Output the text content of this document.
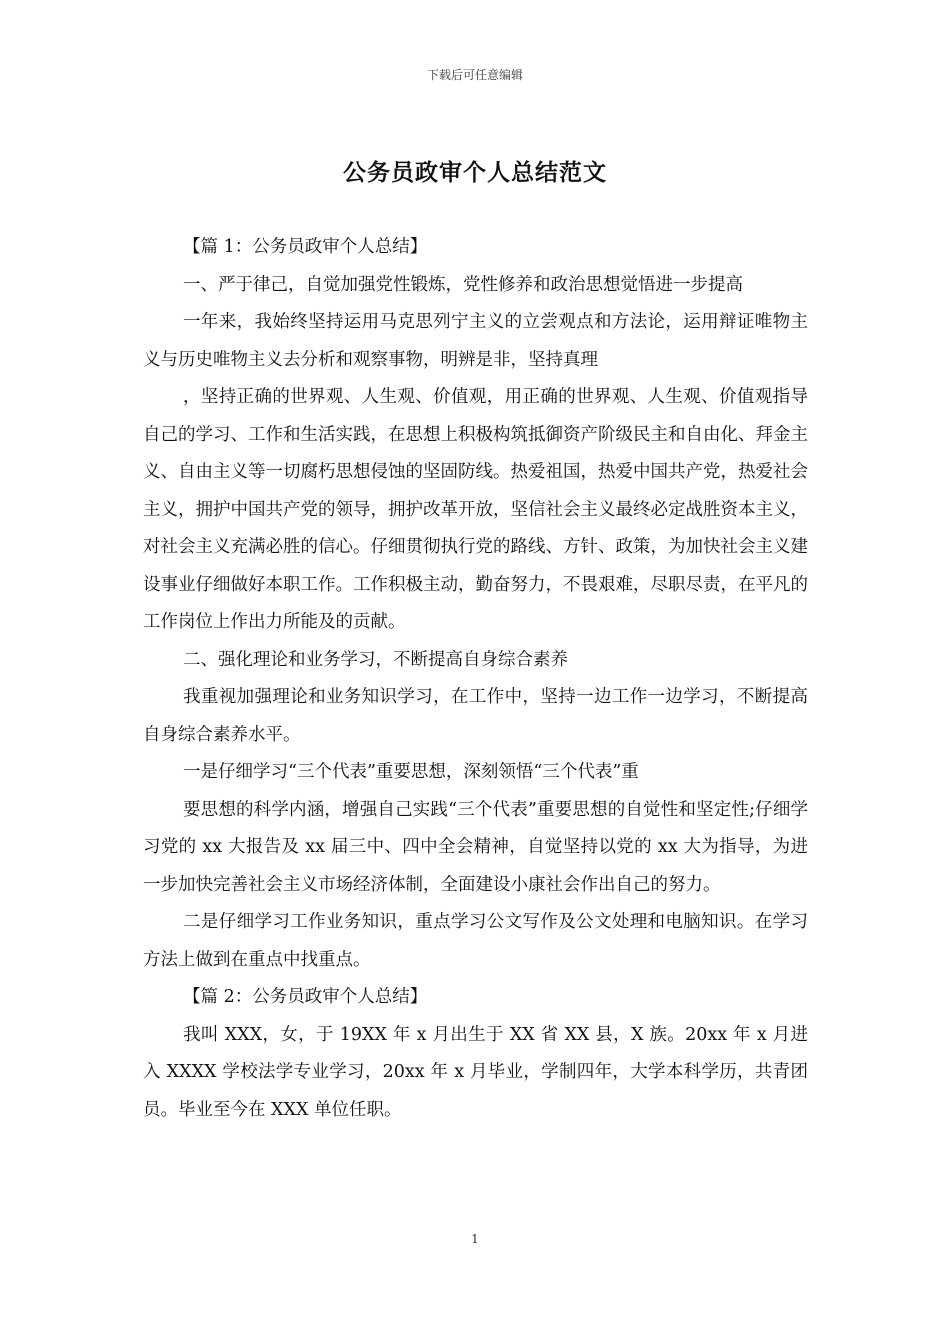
下载后可任意编辑
公务员政审个人总结范文

【篇 1：公务员政审个人总结】

一、严于律己，自觉加强党性锻炼，党性修养和政治思想觉悟进一步提高

一年来，我始终坚持运用马克思列宁主义的立尝观点和方法论，运用辩证唯物主义与历史唯物主义去分析和观察事物，明辨是非，坚持真理

，坚持正确的世界观、人生观、价值观，用正确的世界观、人生观、价值观指导自己的学习、工作和生活实践，在思想上积极构筑抵御资产阶级民主和自由化、拜金主义、自由主义等一切腐朽思想侵蚀的坚固防线。热爱祖国，热爱中国共产党，热爱社会主义，拥护中国共产党的领导，拥护改革开放，坚信社会主义最终必定战胜资本主义，对社会主义充满必胜的信心。仔细贯彻执行党的路线、方针、政策，为加快社会主义建设事业仔细做好本职工作。工作积极主动，勤奋努力，不畏艰难，尽职尽责，在平凡的工作岗位上作出力所能及的贡献。

二、强化理论和业务学习，不断提高自身综合素养

我重视加强理论和业务知识学习，在工作中，坚持一边工作一边学习，不断提高自身综合素养水平。

一是仔细学习“三个代表”重要思想，深刻领悟“三个代表”重

要思想的科学内涵，增强自己实践“三个代表”重要思想的自觉性和坚定性;仔细学习党的 xx 大报告及 xx 届三中、四中全会精神，自觉坚持以党的 xx 大为指导，为进一步加快完善社会主义市场经济体制，全面建设小康社会作出自己的努力。

二是仔细学习工作业务知识，重点学习公文写作及公文处理和电脑知识。在学习方法上做到在重点中找重点。

【篇 2：公务员政审个人总结】

我叫 XXX，女，于 19XX 年 x 月出生于 XX 省 XX 县，X 族。20xx 年 x 月进入 XXXX 学校法学专业学习，20xx 年 x 月毕业，学制四年，大学本科学历，共青团员。毕业至今在 XXX 单位任职。

1
